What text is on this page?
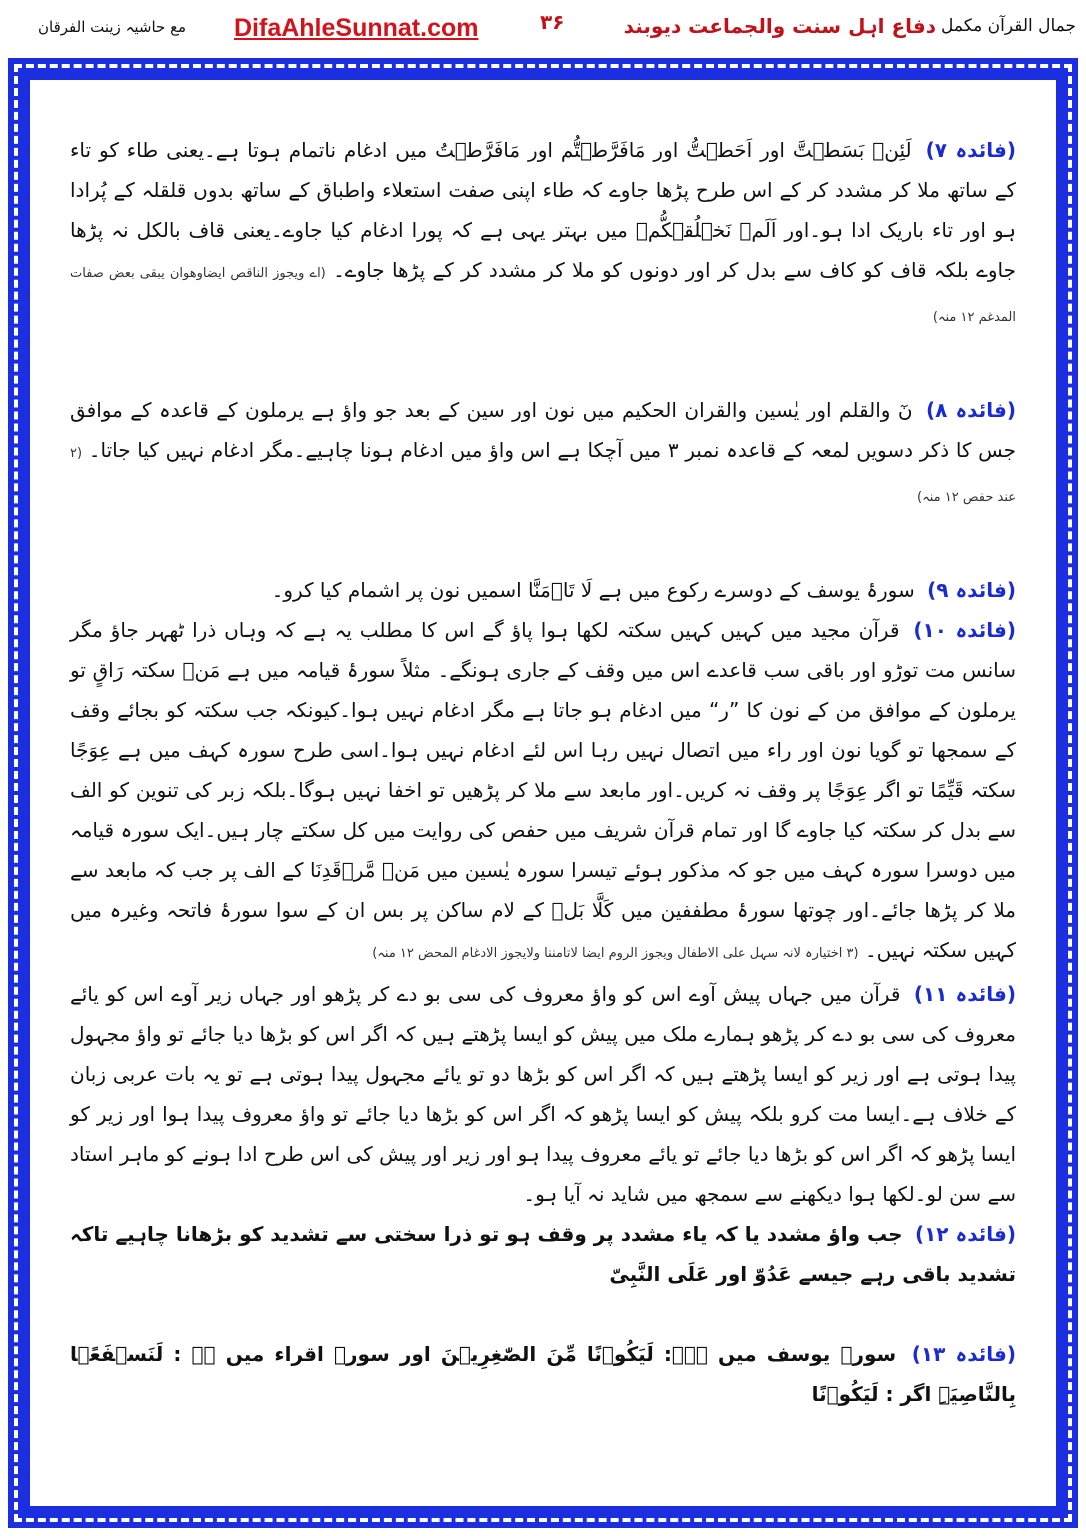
جمال القرآن مکمل
دفاع اہل سنت والجماعت دیوبند
۳۶
DifaAhleSunnat.com
مع حاشیہ زینت الفرقان

(فائدہ ۷) لَئِنۡ بَسَطۡتَّ اور اَحَطۡتُّ اور مَافَرَّطۡتُّم اور مَافَرَّطۡتُ میں ادغام ناتمام ہوتا ہے۔یعنی طاء کو تاء کے ساتھ ملا کر مشدد کر کے اس طرح پڑھا جاوے کہ طاء اپنی صفت استعلاء واطباق کے ساتھ بدوں قلقلہ کے پُرادا ہو اور تاء باریک ادا ہو۔اور اَلَمۡ نَخۡلُقۡکُّمۡ میں بہتر یہی ہے کہ پورا ادغام کیا جاوے۔یعنی قاف بالکل نہ پڑھا جاوے بلکہ قاف کو کاف سے بدل کر اور دونوں کو ملا کر مشدد کر کے پڑھا جاوے۔ (اے ویجوز الناقص ایضاوھوان یبقی بعض صفات المدغم ۱۲ منہ)

(فائدہ ۸) نٓ والقلم اور یٰسین والقران الحکیم میں نون اور سین کے بعد جو واؤ ہے یرملون کے قاعدہ کے موافق جس کا ذکر دسویں لمعہ کے قاعدہ نمبر ۳ میں آچکا ہے اس واؤ میں ادغام ہونا چاہیے۔مگر ادغام نہیں کیا جاتا۔ (۲ عند حفص ۱۲ منہ)

(فائدہ ۹) سورۂ یوسف کے دوسرے رکوع میں ہے لَا تَاۡمَنَّا اسمیں نون پر اشمام کیا کرو۔

(فائدہ ۱۰) قرآن مجید میں کہیں کہیں سکتہ لکھا ہوا پاؤ گے اس کا مطلب یہ ہے کہ وہاں ذرا ٹھہر جاؤ مگر سانس مت توڑو اور باقی سب قاعدے اس میں وقف کے جاری ہونگے۔ مثلاً سورۂ قیامہ میں ہے مَنۡ سکتہ رَاقٍ تو یرملون کے موافق من کے نون کا ”ر“ میں ادغام ہو جاتا ہے مگر ادغام نہیں ہوا۔کیونکہ جب سکتہ کو بجائے وقف کے سمجھا تو گویا نون اور راء میں اتصال نہیں رہا اس لئے ادغام نہیں ہوا۔اسی طرح سورہ کہف میں ہے عِوَجًا سکتہ قَیِّمًا تو اگر عِوَجًا پر وقف نہ کریں۔اور مابعد سے ملا کر پڑھیں تو اخفا نہیں ہوگا۔بلکہ زبر کی تنوین کو الف سے بدل کر سکتہ کیا جاوے گا اور تمام قرآن شریف میں حفص کی روایت میں کل سکتے چار ہیں۔ایک سورہ قیامہ میں دوسرا سورہ کہف میں جو کہ مذکور ہوئے تیسرا سورہ یٰسین میں مَنۡ مَّرۡقَدِنَا کے الف پر جب کہ مابعد سے ملا کر پڑھا جائے۔اور چوتھا سورۂ مطففین میں کَلَّا بَلۡ کے لام ساکن پر بس ان کے سوا سورۂ فاتحہ وغیرہ میں کہیں سکتہ نہیں۔ (۳ اختیارہ لانہ سہل علی الاطفال ویجوز الروم ایضا لاتامننا ولایجوز الادغام المحض ۱۲ منہ)

(فائدہ ۱۱) قرآن میں جہاں پیش آوے اس کو واؤ معروف کی سی بو دے کر پڑھو اور جہاں زیر آوے اس کو یائے معروف کی سی بو دے کر پڑھو ہمارے ملک میں پیش کو ایسا پڑھتے ہیں کہ اگر اس کو بڑھا دیا جائے تو واؤ مجہول پیدا ہوتی ہے اور زیر کو ایسا پڑھتے ہیں کہ اگر اس کو بڑھا دو تو یائے مجہول پیدا ہوتی ہے تو یہ بات عربی زبان کے خلاف ہے۔ایسا مت کرو بلکہ پیش کو ایسا پڑھو کہ اگر اس کو بڑھا دیا جائے تو واؤ معروف پیدا ہوا اور زیر کو ایسا پڑھو کہ اگر اس کو بڑھا دیا جائے تو یائے معروف پیدا ہو اور زیر اور پیش کی اس طرح ادا ہونے کو ماہر استاد سے سن لو۔لکھا ہوا دیکھنے سے سمجھ میں شاید نہ آیا ہو۔

(فائدہ ۱۲) جب واؤ مشدد یا کہ یاء مشدد پر وقف ہو تو ذرا سختی سے تشدید کو بڑھانا چاہیے تاکہ تشدید باقی رہے جیسے عَدُوّ اور عَلَی النَّبِیّ

(فائدہ ۱۳) سورۂ یوسف میں ہے۔: لَیَکُوۡنًا مِّنَ الصّٰغِرِیۡنَ اور سورۂ اقراء میں ہے : لَنَسۡفَعًۢا بِالنَّاصِیَۃِ اگر : لَیَکُوۡنًا
